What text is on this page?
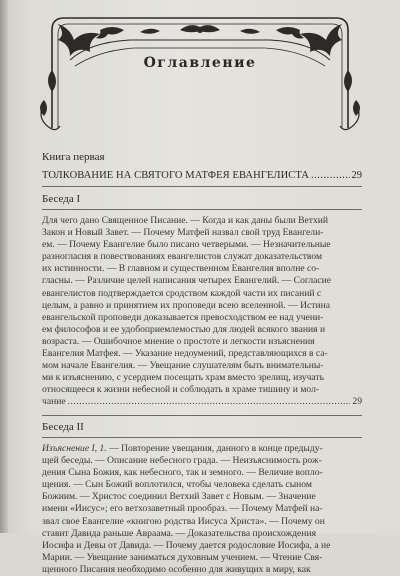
Оглавление
Книга первая
ТОЛКОВАНИЕ НА СВЯТОГО МАТФЕЯ ЕВАНГЕЛИСТА .....	29
Беседа I
Для чего дано Священное Писание. — Когда и как даны были Ветхий
Закон и Новый Завет. — Почему Матфей назвал свой труд Евангели-
ем. — Почему Евангелие было писано четверыми. — Незначительные
разногласия в повествованиях евангелистов служат доказательством
их истинности. — В главном и существенном Евангелия вполне со-
гласны. — Различие целей написания четырех Евангелий. — Согласие
евангелистов подтверждается сродством каждой части их писаний с
целым, а равно и принятием их проповеди всею вселенной. — Истина
евангельской проповеди доказывается превосходством ее над учени-
ем философов и ее удобоприемлемостью для людей всякого звания и
возраста. — Ошибочное мнение о простоте и легкости изъяснения
Евангелия Матфея. — Указание недоумений, представляющихся в са-
мом начале Евангелия. — Увещание слушателям быть внимательны-
ми к изъяснению, с усердием посещать храм вместо зрелищ, изучать
относящееся к жизни небесной и соблюдать в храме тишину и мол-
чание .....	29
Беседа II
Изъяснение I, 1. — Повторение увещания, данного в конце предыду-
щей беседы. — Описание небесного града. — Неизъяснимость рож-
дения Сына Божия, как небесного, так и земного. — Величие вопло-
щения. — Сын Божий воплотился, чтобы человека сделать сыном
Божиим. — Христос соединил Ветхий Завет с Новым. — Значение
имени «Иисус»; его ветхозаветный прообраз. — Почему Матфей на-
звал свое Евангелие «книгою родства Иисуса Христа». — Почему он
ставит Давида раньше Авраама. — Доказательства происхождения
Иосифа и Девы от Давида. — Почему дается родословие Иосифа, а не
Марии. — Увещание заниматься духовным учением. — Чтение Свя-
щенного Писания необходимо особенно для живущих в миру, как
